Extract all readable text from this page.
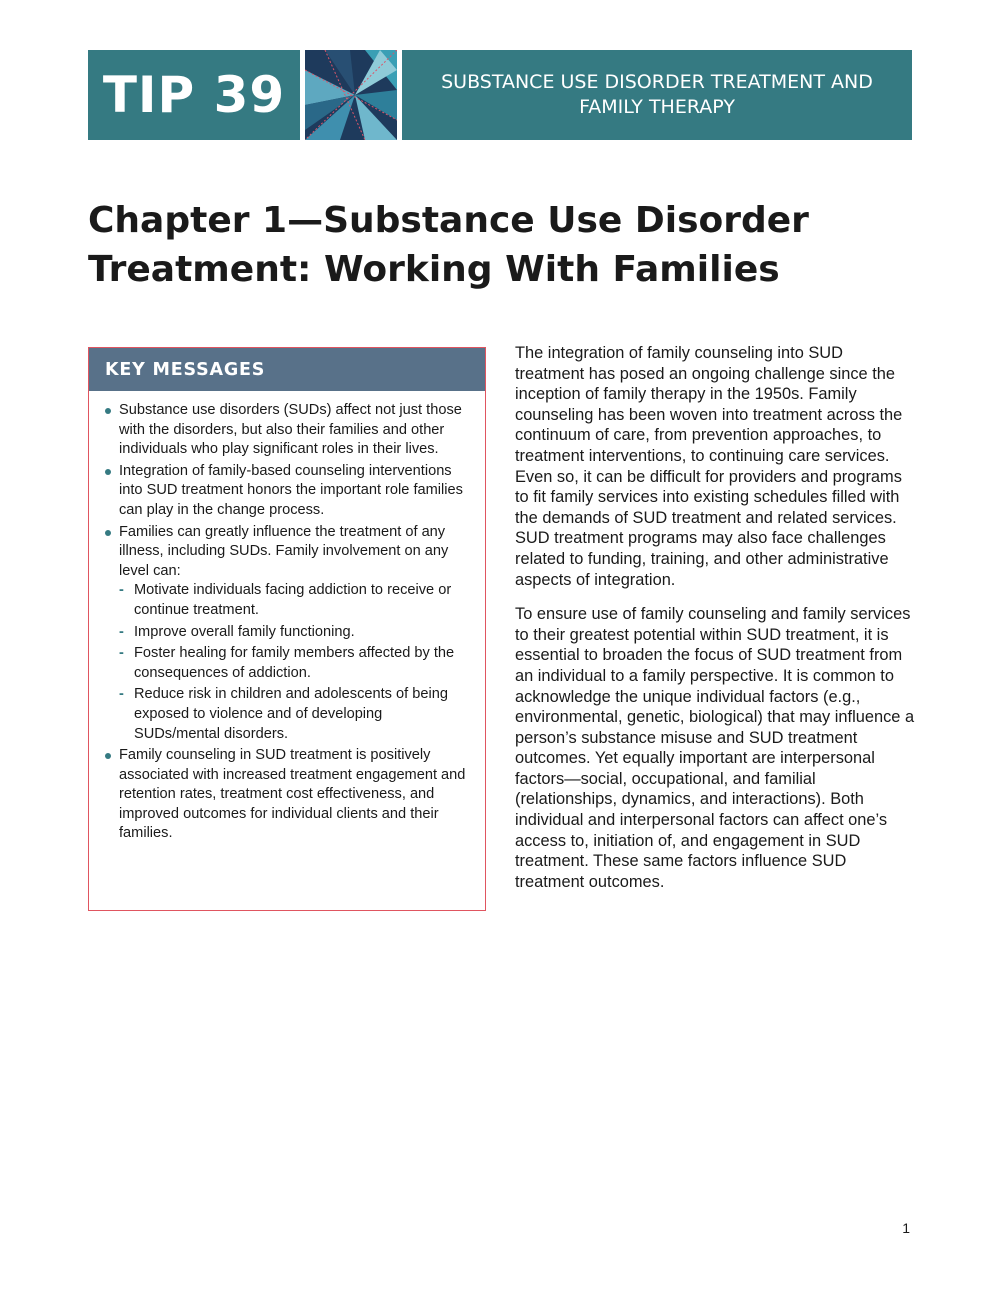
TIP 39	SUBSTANCE USE DISORDER TREATMENT AND FAMILY THERAPY
Chapter 1—Substance Use Disorder Treatment: Working With Families
KEY MESSAGES
Substance use disorders (SUDs) affect not just those with the disorders, but also their families and other individuals who play significant roles in their lives.
Integration of family-based counseling interventions into SUD treatment honors the important role families can play in the change process.
Families can greatly influence the treatment of any illness, including SUDs. Family involvement on any level can:
- Motivate individuals facing addiction to receive or continue treatment.
- Improve overall family functioning.
- Foster healing for family members affected by the consequences of addiction.
- Reduce risk in children and adolescents of being exposed to violence and of developing SUDs/mental disorders.
Family counseling in SUD treatment is positively associated with increased treatment engagement and retention rates, treatment cost effectiveness, and improved outcomes for individual clients and their families.

The integration of family counseling into SUD treatment has posed an ongoing challenge since the inception of family therapy in the 1950s. Family counseling has been woven into treatment across the continuum of care, from prevention approaches, to treatment interventions, to continuing care services. Even so, it can be difficult for providers and programs to fit family services into existing schedules filled with the demands of SUD treatment and related services. SUD treatment programs may also face challenges related to funding, training, and other administrative aspects of integration.

To ensure use of family counseling and family services to their greatest potential within SUD treatment, it is essential to broaden the focus of SUD treatment from an individual to a family perspective. It is common to acknowledge the unique individual factors (e.g., environmental, genetic, biological) that may influence a person’s substance misuse and SUD treatment outcomes. Yet equally important are interpersonal factors—social, occupational, and familial (relationships, dynamics, and interactions). Both individual and interpersonal factors can affect one’s access to, initiation of, and engagement in SUD treatment. These same factors influence SUD treatment outcomes.

1
